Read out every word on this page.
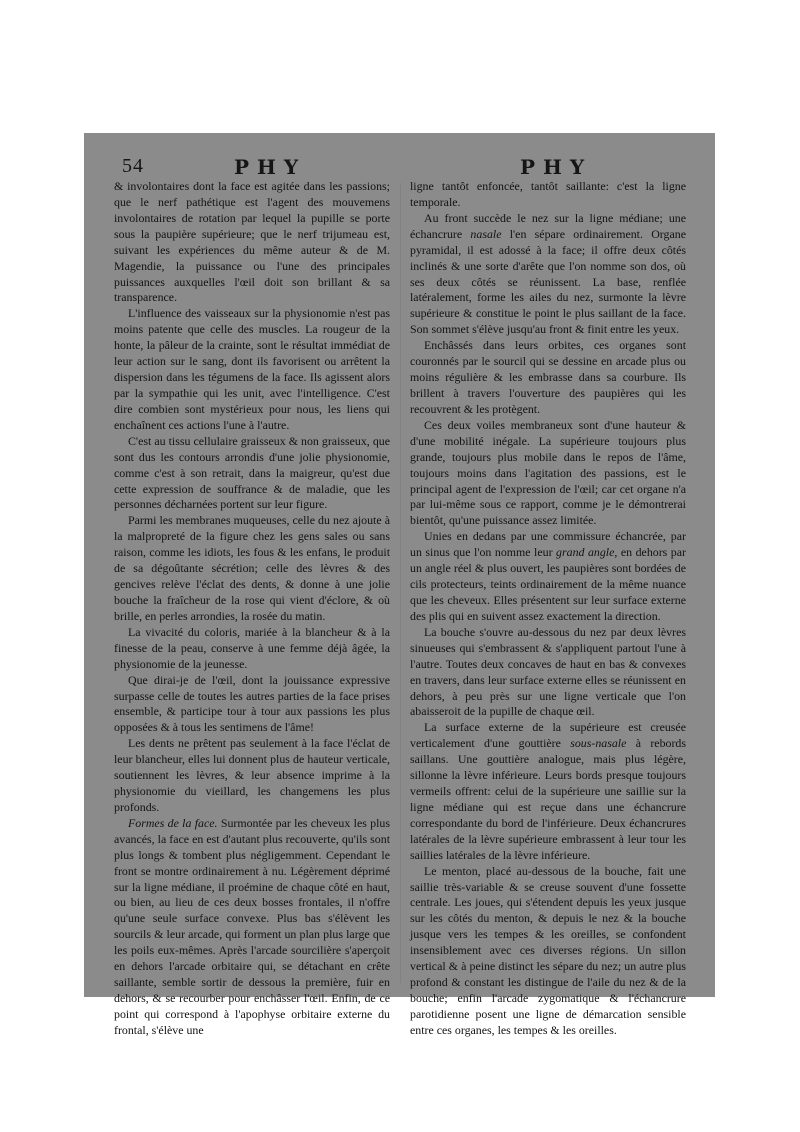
54	PHY	PHY

& involontaires dont la face est agitée dans les passions; que le nerf pathétique est l'agent des mouvemens involontaires de rotation par lequel la pupille se porte sous la paupière supérieure; que le nerf trijumeau est, suivant les expériences du même auteur & de M. Magendie, la puissance ou l'une des principales puissances auxquelles l'œil doit son brillant & sa transparence.

L'influence des vaisseaux sur la physionomie n'est pas moins patente que celle des muscles. La rougeur de la honte, la pâleur de la crainte, sont le résultat immédiat de leur action sur le sang, dont ils favorisent ou arrêtent la dispersion dans les tégumens de la face. Ils agissent alors par la sympathie qui les unit, avec l'intelligence. C'est dire combien sont mystérieux pour nous, les liens qui enchaînent ces actions l'une à l'autre.

C'est au tissu cellulaire graisseux & non graisseux, que sont dus les contours arrondis d'une jolie physionomie, comme c'est à son retrait, dans la maigreur, qu'est due cette expression de souffrance & de maladie, que les personnes décharnées portent sur leur figure.

Parmi les membranes muqueuses, celle du nez ajoute à la malpropreté de la figure chez les gens sales ou sans raison, comme les idiots, les fous & les enfans, le produit de sa dégoûtante sécrétion; celle des lèvres & des gencives relève l'éclat des dents, & donne à une jolie bouche la fraîcheur de la rose qui vient d'éclore, & où brille, en perles arrondies, la rosée du matin.

La vivacité du coloris, mariée à la blancheur & à la finesse de la peau, conserve à une femme déjà âgée, la physionomie de la jeunesse.

Que dirai-je de l'œil, dont la jouissance expressive surpasse celle de toutes les autres parties de la face prises ensemble, & participe tour à tour aux passions les plus opposées & à tous les sentimens de l'âme!

Les dents ne prêtent pas seulement à la face l'éclat de leur blancheur, elles lui donnent plus de hauteur verticale, soutiennent les lèvres, & leur absence imprime à la physionomie du vieillard, les changemens les plus profonds.

Formes de la face. Surmontée par les cheveux les plus avancés, la face en est d'autant plus recouverte, qu'ils sont plus longs & tombent plus négligemment. Cependant le front se montre ordinairement à nu. Légèrement déprimé sur la ligne médiane, il proémine de chaque côté en haut, ou bien, au lieu de ces deux bosses frontales, il n'offre qu'une seule surface convexe. Plus bas s'élèvent les sourcils & leur arcade, qui forment un plan plus large que les poils eux-mêmes. Après l'arcade sourcilière s'aperçoit en dehors l'arcade orbitaire qui, se détachant en crête saillante, semble sortir de dessous la première, fuir en dehors, & se recourber pour enchâsser l'œil. Enfin, de ce point qui correspond à l'apophyse orbitaire externe du frontal, s'élève une

ligne tantôt enfoncée, tantôt saillante: c'est la ligne temporale.

Au front succède le nez sur la ligne médiane; une échancrure nasale l'en sépare ordinairement. Organe pyramidal, il est adossé à la face; il offre deux côtés inclinés & une sorte d'arête que l'on nomme son dos, où ses deux côtés se réunissent. La base, renflée latéralement, forme les ailes du nez, surmonte la lèvre supérieure & constitue le point le plus saillant de la face. Son sommet s'élève jusqu'au front & finit entre les yeux.

Enchâssés dans leurs orbites, ces organes sont couronnés par le sourcil qui se dessine en arcade plus ou moins régulière & les embrasse dans sa courbure. Ils brillent à travers l'ouverture des paupières qui les recouvrent & les protègent.

Ces deux voiles membraneux sont d'une hauteur & d'une mobilité inégale. La supérieure toujours plus grande, toujours plus mobile dans le repos de l'âme, toujours moins dans l'agitation des passions, est le principal agent de l'expression de l'œil; car cet organe n'a par lui-même sous ce rapport, comme je le démontrerai bientôt, qu'une puissance assez limitée.

Unies en dedans par une commissure échancrée, par un sinus que l'on nomme leur grand angle, en dehors par un angle réel & plus ouvert, les paupières sont bordées de cils protecteurs, teints ordinairement de la même nuance que les cheveux. Elles présentent sur leur surface externe des plis qui en suivent assez exactement la direction.

La bouche s'ouvre au-dessous du nez par deux lèvres sinueuses qui s'embrassent & s'appliquent partout l'une à l'autre. Toutes deux concaves de haut en bas & convexes en travers, dans leur surface externe elles se réunissent en dehors, à peu près sur une ligne verticale que l'on abaisseroit de la pupille de chaque œil.

La surface externe de la supérieure est creusée verticalement d'une gouttière sous-nasale à rebords saillans. Une gouttière analogue, mais plus légère, sillonne la lèvre inférieure. Leurs bords presque toujours vermeils offrent: celui de la supérieure une saillie sur la ligne médiane qui est reçue dans une échancrure correspondante du bord de l'inférieure. Deux échancrures latérales de la lèvre supérieure embrassent à leur tour les saillies latérales de la lèvre inférieure.

Le menton, placé au-dessous de la bouche, fait une saillie très-variable & se creuse souvent d'une fossette centrale. Les joues, qui s'étendent depuis les yeux jusque sur les côtés du menton, & depuis le nez & la bouche jusque vers les tempes & les oreilles, se confondent insensiblement avec ces diverses régions. Un sillon vertical & à peine distinct les sépare du nez; un autre plus profond & constant les distingue de l'aile du nez & de la bouche; enfin l'arcade zygomatique & l'échancrure parotidienne posent une ligne de démarcation sensible entre ces organes, les tempes & les oreilles.
